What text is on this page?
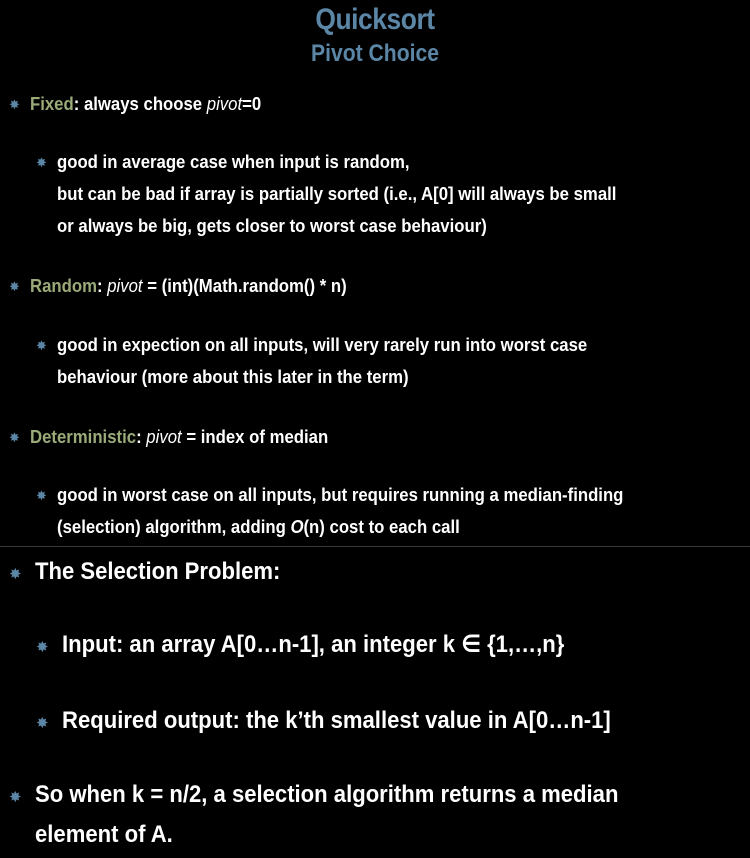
Quicksort
Pivot Choice
✸ Fixed: always choose pivot=0
✸ good in average case when input is random,
but can be bad if array is partially sorted (i.e., A[0] will always be small
or always be big, gets closer to worst case behaviour)
✸ Random: pivot = (int)(Math.random() * n)
✸ good in expection on all inputs, will very rarely run into worst case
behaviour (more about this later in the term)
✸ Deterministic: pivot = index of median
✸ good in worst case on all inputs, but requires running a median-finding
(selection) algorithm, adding O(n) cost to each call
✸ The Selection Problem:
✸ Input: an array A[0…n-1], an integer k ∈ {1,…,n}
✸ Required output: the k’th smallest value in A[0…n-1]
✸ So when k = n/2, a selection algorithm returns a median
element of A.
